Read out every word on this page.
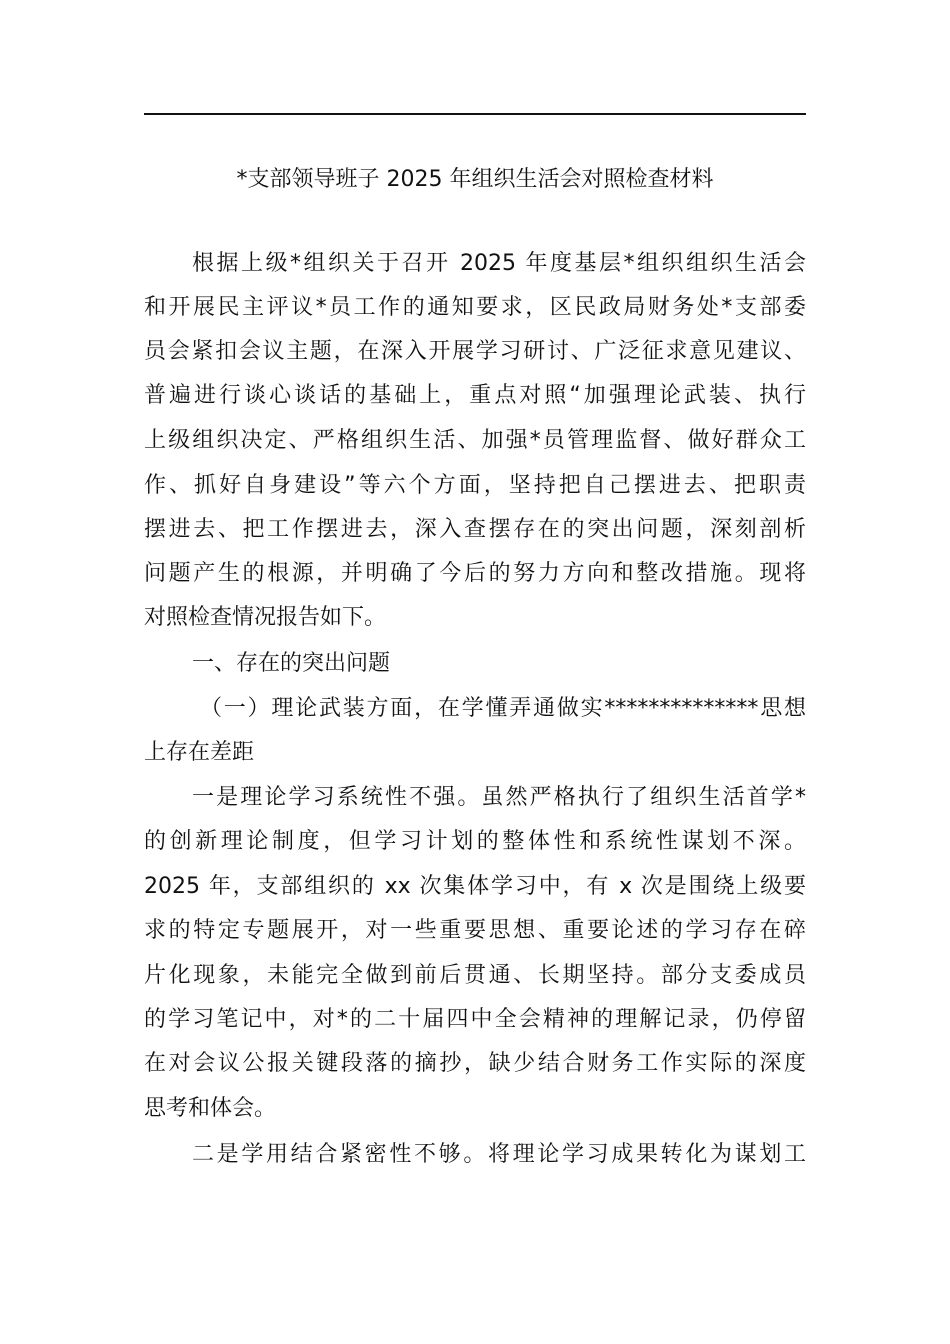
*支部领导班子 2025 年组织生活会对照检查材料
根据上级*组织关于召开 2025 年度基层*组织组织生活会
和开展民主评议*员工作的通知要求，区民政局财务处*支部委
员会紧扣会议主题，在深入开展学习研讨、广泛征求意见建议、
普遍进行谈心谈话的基础上，重点对照“加强理论武装、执行
上级组织决定、严格组织生活、加强*员管理监督、做好群众工
作、抓好自身建设”等六个方面，坚持把自己摆进去、把职责
摆进去、把工作摆进去，深入查摆存在的突出问题，深刻剖析
问题产生的根源，并明确了今后的努力方向和整改措施。现将
对照检查情况报告如下。
一、存在的突出问题
（一）理论武装方面，在学懂弄通做实**************思想
上存在差距
一是理论学习系统性不强。虽然严格执行了组织生活首学*
的创新理论制度，但学习计划的整体性和系统性谋划不深。
2025 年，支部组织的 xx 次集体学习中，有 x 次是围绕上级要
求的特定专题展开，对一些重要思想、重要论述的学习存在碎
片化现象，未能完全做到前后贯通、长期坚持。部分支委成员
的学习笔记中，对*的二十届四中全会精神的理解记录，仍停留
在对会议公报关键段落的摘抄，缺少结合财务工作实际的深度
思考和体会。
二是学用结合紧密性不够。将理论学习成果转化为谋划工
